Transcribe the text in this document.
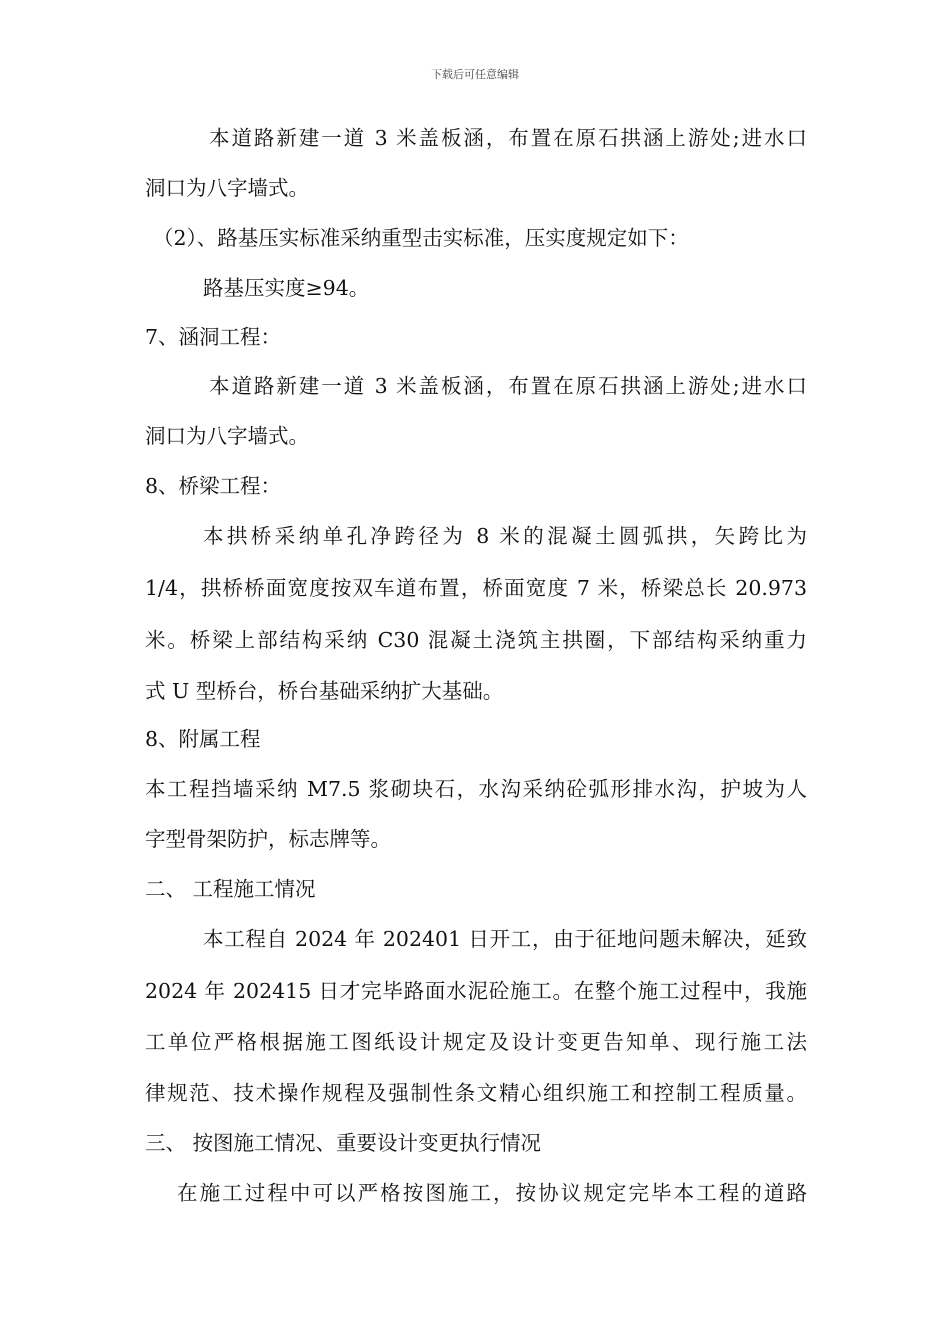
下载后可任意编辑
本道路新建一道 3 米盖板涵，布置在原石拱涵上游处;进水口
洞口为八字墙式。
（2）、路基压实标准采纳重型击实标准，压实度规定如下：
路基压实度≥94。
7、涵洞工程：
本道路新建一道 3 米盖板涵，布置在原石拱涵上游处;进水口
洞口为八字墙式。
8、桥梁工程：
本拱桥采纳单孔净跨径为 8 米的混凝土圆弧拱，矢跨比为
1/4，拱桥桥面宽度按双车道布置，桥面宽度 7 米，桥梁总长 20.973
米。桥梁上部结构采纳 C30 混凝土浇筑主拱圈，下部结构采纳重力
式 U 型桥台，桥台基础采纳扩大基础。
8、附属工程
本工程挡墙采纳 M7.5 浆砌块石，水沟采纳砼弧形排水沟，护坡为人
字型骨架防护，标志牌等。
二、 工程施工情况
本工程自 2024 年 202401 日开工，由于征地问题未解决，延致
2024 年 202415 日才完毕路面水泥砼施工。在整个施工过程中，我施
工单位严格根据施工图纸设计规定及设计变更告知单、现行施工法
律规范、技术操作规程及强制性条文精心组织施工和控制工程质量。
三、 按图施工情况、重要设计变更执行情况
在施工过程中可以严格按图施工，按协议规定完毕本工程的道路
